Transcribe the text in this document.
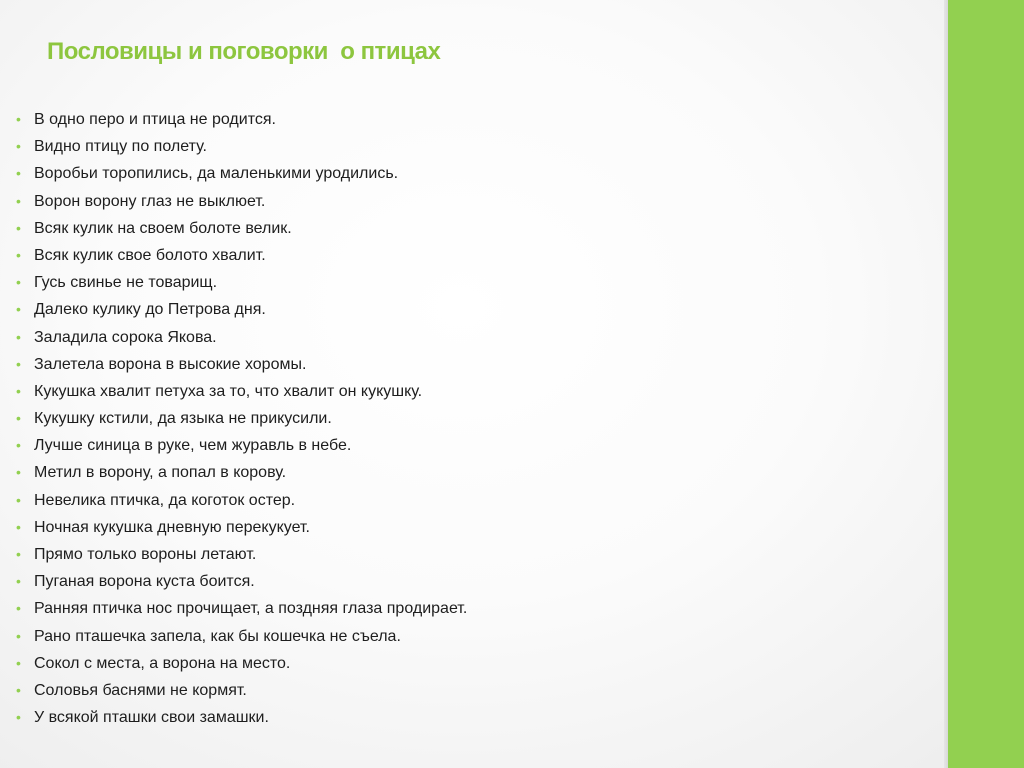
Пословицы и поговорки  о птицах
• В одно перо и птица не родится.
• Видно птицу по полету.
• Воробьи торопились, да маленькими уродились.
• Ворон ворону глаз не выклюет.
• Всяк кулик на своем болоте велик.
• Всяк кулик свое болото хвалит.
• Гусь свинье не товарищ.
• Далеко кулику до Петрова дня.
• Заладила сорока Якова.
• Залетела ворона в высокие хоромы.
• Кукушка хвалит петуха за то, что хвалит он кукушку.
• Кукушку кстили, да языка не прикусили.
• Лучше синица в руке, чем журавль в небе.
• Метил в ворону, а попал в корову.
• Невелика птичка, да коготок остер.
• Ночная кукушка дневную перекукует.
• Прямо только вороны летают.
• Пуганая ворона куста боится.
• Ранняя птичка нос прочищает, а поздняя глаза продирает.
• Рано пташечка запела, как бы кошечка не съела.
• Сокол с места, а ворона на место.
• Соловья баснями не кормят.
• У всякой пташки свои замашки.
